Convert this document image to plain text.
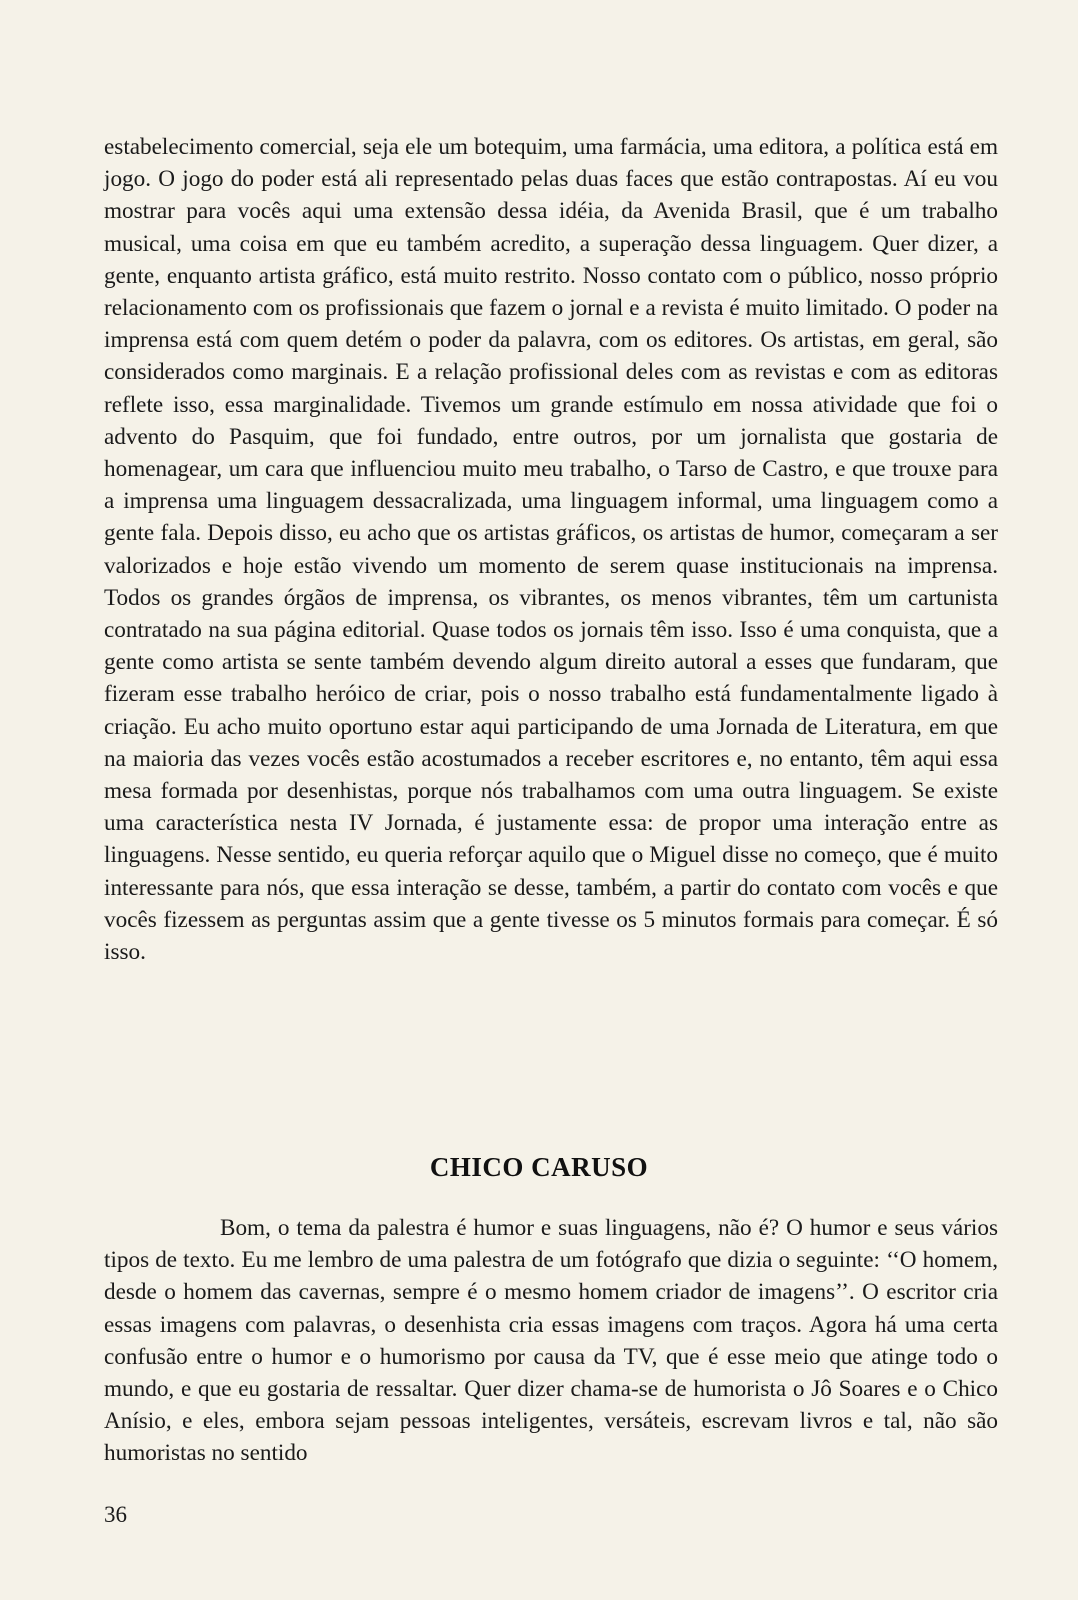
estabelecimento comercial, seja ele um botequim, uma farmácia, uma editora, a política está em jogo. O jogo do poder está ali representado pelas duas faces que estão contrapostas. Aí eu vou mostrar para vocês aqui uma extensão dessa idéia, da Avenida Brasil, que é um trabalho musical, uma coisa em que eu também acredito, a superação dessa linguagem. Quer dizer, a gente, enquanto artista gráfico, está muito restrito. Nosso contato com o público, nosso próprio relacionamento com os profissionais que fazem o jornal e a revista é muito limitado. O poder na imprensa está com quem detém o poder da palavra, com os editores. Os artistas, em geral, são considerados como marginais. E a relação profissional deles com as revistas e com as editoras reflete isso, essa marginalidade. Tivemos um grande estímulo em nossa atividade que foi o advento do Pasquim, que foi fundado, entre outros, por um jornalista que gostaria de homenagear, um cara que influenciou muito meu trabalho, o Tarso de Castro, e que trouxe para a imprensa uma linguagem dessacralizada, uma linguagem informal, uma linguagem como a gente fala. Depois disso, eu acho que os artistas gráficos, os artistas de humor, começaram a ser valorizados e hoje estão vivendo um momento de serem quase institucionais na imprensa. Todos os grandes órgãos de imprensa, os vibrantes, os menos vibrantes, têm um cartunista contratado na sua página editorial. Quase todos os jornais têm isso. Isso é uma conquista, que a gente como artista se sente também devendo algum direito autoral a esses que fundaram, que fizeram esse trabalho heróico de criar, pois o nosso trabalho está fundamentalmente ligado à criação. Eu acho muito oportuno estar aqui participando de uma Jornada de Literatura, em que na maioria das vezes vocês estão acostumados a receber escritores e, no entanto, têm aqui essa mesa formada por desenhistas, porque nós trabalhamos com uma outra linguagem. Se existe uma característica nesta IV Jornada, é justamente essa: de propor uma interação entre as linguagens. Nesse sentido, eu queria reforçar aquilo que o Miguel disse no começo, que é muito interessante para nós, que essa interação se desse, também, a partir do contato com vocês e que vocês fizessem as perguntas assim que a gente tivesse os 5 minutos formais para começar. É só isso.

CHICO CARUSO

Bom, o tema da palestra é humor e suas linguagens, não é? O humor e seus vários tipos de texto. Eu me lembro de uma palestra de um fotógrafo que dizia o seguinte: ‘‘O homem, desde o homem das cavernas, sempre é o mesmo homem criador de imagens’’. O escritor cria essas imagens com palavras, o desenhista cria essas imagens com traços. Agora há uma certa confusão entre o humor e o humorismo por causa da TV, que é esse meio que atinge todo o mundo, e que eu gostaria de ressaltar. Quer dizer chama-se de humorista o Jô Soares e o Chico Anísio, e eles, embora sejam pessoas inteligentes, versáteis, escrevam livros e tal, não são humoristas no sentido

36
